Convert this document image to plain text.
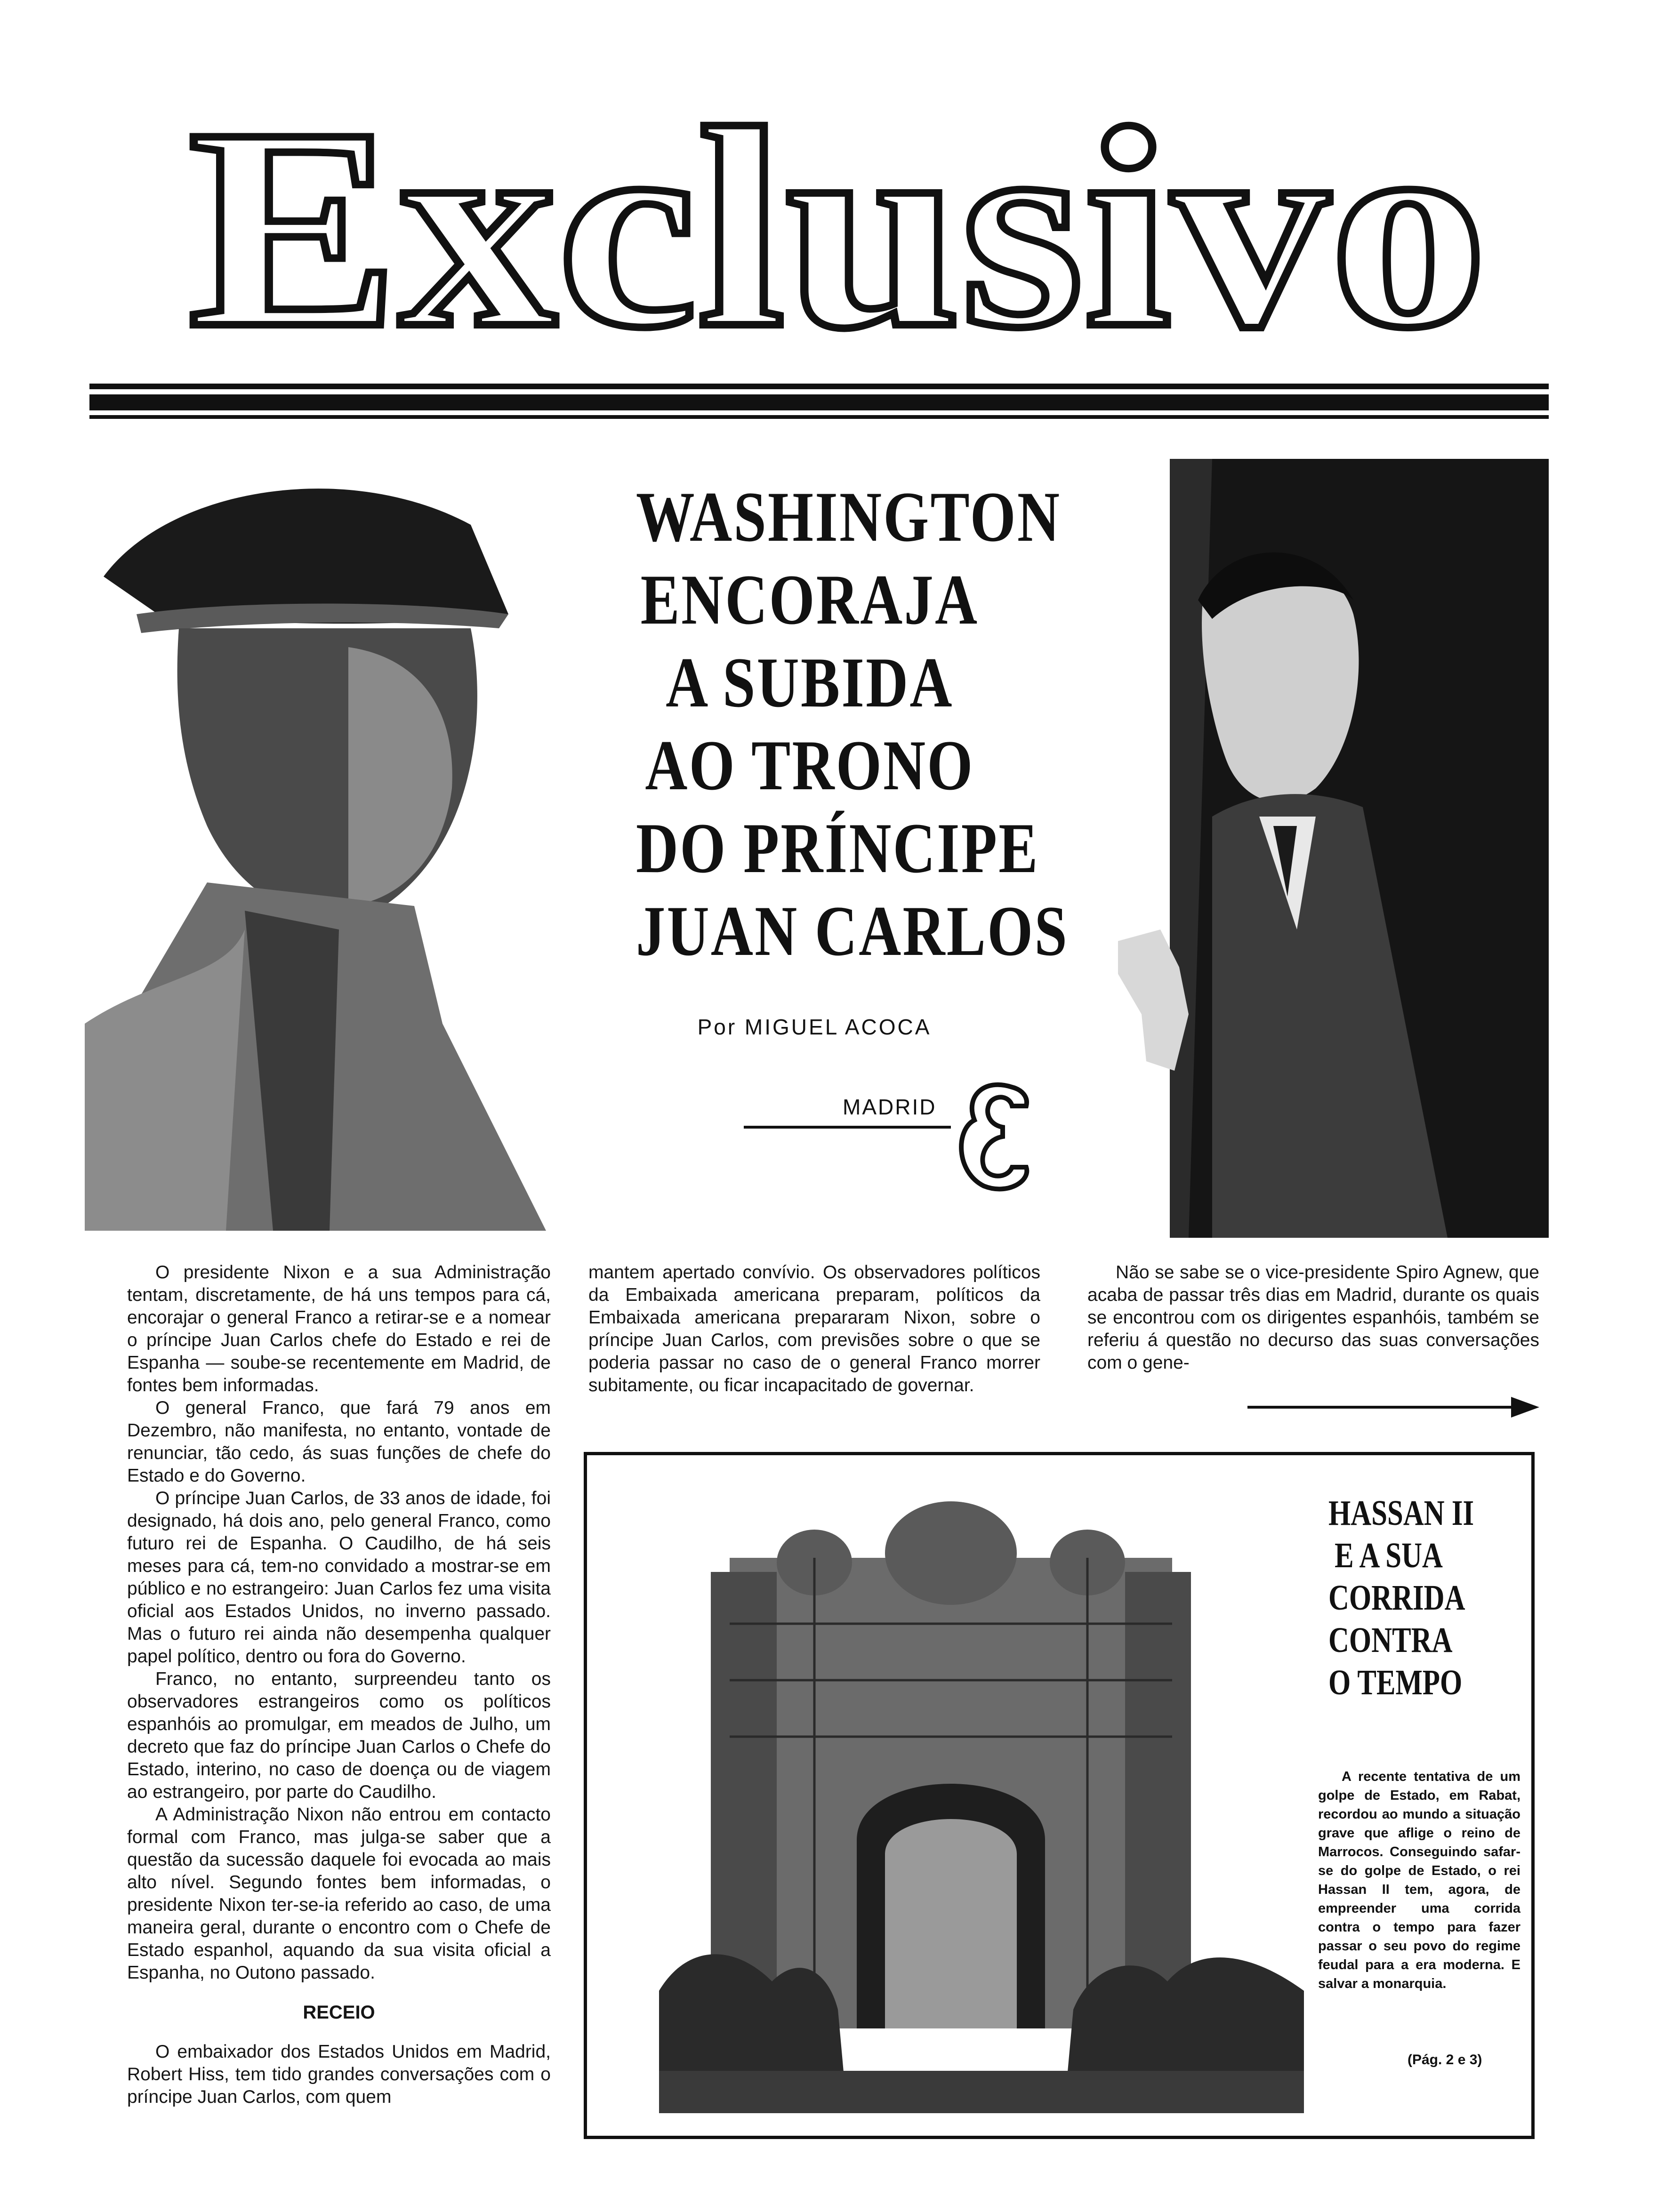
Exclusivo
WASHINGTON
ENCORAJA
A SUBIDA
AO TRONO
DO PRÍNCIPE
JUAN CARLOS
Por MIGUEL ACOCA
MADRID

O presidente Nixon e a sua Administração tentam, discretamente, de há uns tempos para cá, encorajar o general Franco a retirar-se e a nomear o príncipe Juan Carlos chefe do Estado e rei de Espanha — soube-se recentemente em Madrid, de fontes bem informadas.

O general Franco, que fará 79 anos em Dezembro, não manifesta, no entanto, vontade de renunciar, tão cedo, ás suas funções de chefe do Estado e do Governo.

O príncipe Juan Carlos, de 33 anos de idade, foi designado, há dois ano, pelo general Franco, como futuro rei de Espanha. O Caudilho, de há seis meses para cá, tem-no convidado a mostrar-se em público e no estrangeiro: Juan Carlos fez uma visita oficial aos Estados Unidos, no inverno passado. Mas o futuro rei ainda não desempenha qualquer papel político, dentro ou fora do Governo.

Franco, no entanto, surpreendeu tanto os observadores estrangeiros como os políticos espanhóis ao promulgar, em meados de Julho, um decreto que faz do príncipe Juan Carlos o Chefe do Estado, interino, no caso de doença ou de viagem ao estrangeiro, por parte do Caudilho.

A Administração Nixon não entrou em contacto formal com Franco, mas julga-se saber que a questão da sucessão daquele foi evocada ao mais alto nível. Segundo fontes bem informadas, o presidente Nixon ter-se-ia referido ao caso, de uma maneira geral, durante o encontro com o Chefe de Estado espanhol, aquando da sua visita oficial a Espanha, no Outono passado.

RECEIO

O embaixador dos Estados Unidos em Madrid, Robert Hiss, tem tido grandes conversações com o príncipe Juan Carlos, com quem

mantem apertado convívio. Os observadores políticos da Embaixada americana preparam, políticos da Embaixada americana prepararam Nixon, sobre o príncipe Juan Carlos, com previsões sobre o que se poderia passar no caso de o general Franco morrer subitamente, ou ficar incapacitado de governar.

Não se sabe se o vice-presidente Spiro Agnew, que acaba de passar três dias em Madrid, durante os quais se encontrou com os dirigentes espanhóis, também se referiu á questão no decurso das suas conversações com o gene-

HASSAN II
E A SUA
CORRIDA
CONTRA
O TEMPO

A recente tentativa de um golpe de Estado, em Rabat, recordou ao mundo a situação grave que aflige o reino de Marrocos. Conseguindo safar-se do golpe de Estado, o rei Hassan II tem, agora, de empreender uma corrida contra o tempo para fazer passar o seu povo do regime feudal para a era moderna. E salvar a monarquia.

(Pág. 2 e 3)
